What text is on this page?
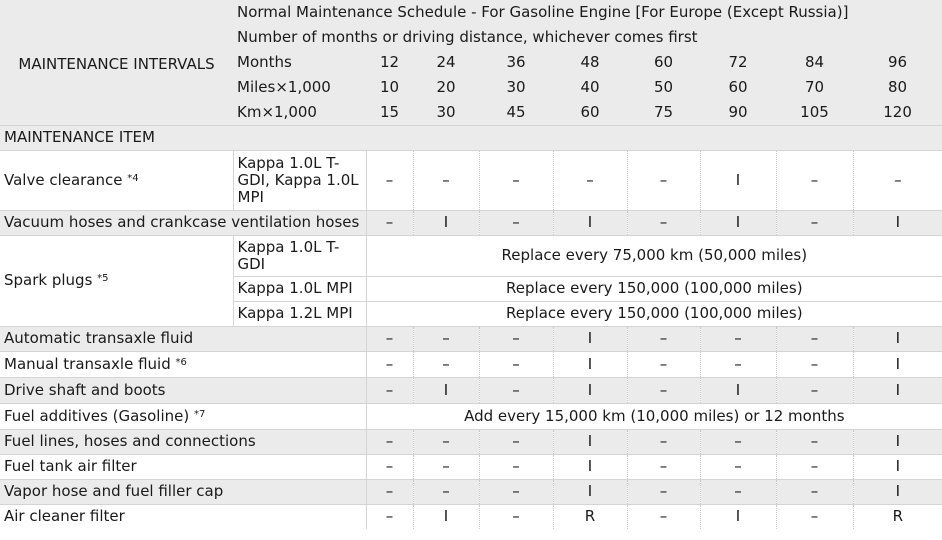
	Normal Maintenance Schedule - For Gasoline Engine [For Europe (Except Russia)]								
MAINTENANCE INTERVALS	Number of months or driving distance, whichever comes first								
	Months	12	24	36	48	60	72	84	96
	Miles×1,000	10	20	30	40	50	60	70	80
	Km×1,000	15	30	45	60	75	90	105	120
MAINTENANCE ITEM									
Valve clearance $^{*4}$	Kappa 1.0L T-GDI, Kappa 1.0L MPI	–	–	–	–	–	I	–	–
Vacuum hoses and crankcase ventilation hoses		–	I	–	I	–	I	–	I
Spark plugs $^{*5}$	Kappa 1.0L T-GDI	Replace every 75,000 km (50,000 miles)							
	Kappa 1.0L MPI	Replace every 150,000 (100,000 miles)							
	Kappa 1.2L MPI	Replace every 150,000 (100,000 miles)							
Automatic transaxle fluid		–	–	–	I	–	–	–	I
Manual transaxle fluid $^{*6}$		–	–	–	I	–	–	–	I
Drive shaft and boots		–	I	–	I	–	I	–	I
Fuel additives (Gasoline) $^{*7}$		Add every 15,000 km (10,000 miles) or 12 months							
Fuel lines, hoses and connections		–	–	–	I	–	–	–	I
Fuel tank air filter		–	–	–	I	–	–	–	I
Vapor hose and fuel filler cap		–	–	–	I	–	–	–	I
Air cleaner filter		–	I	–	R	–	I	–	R
